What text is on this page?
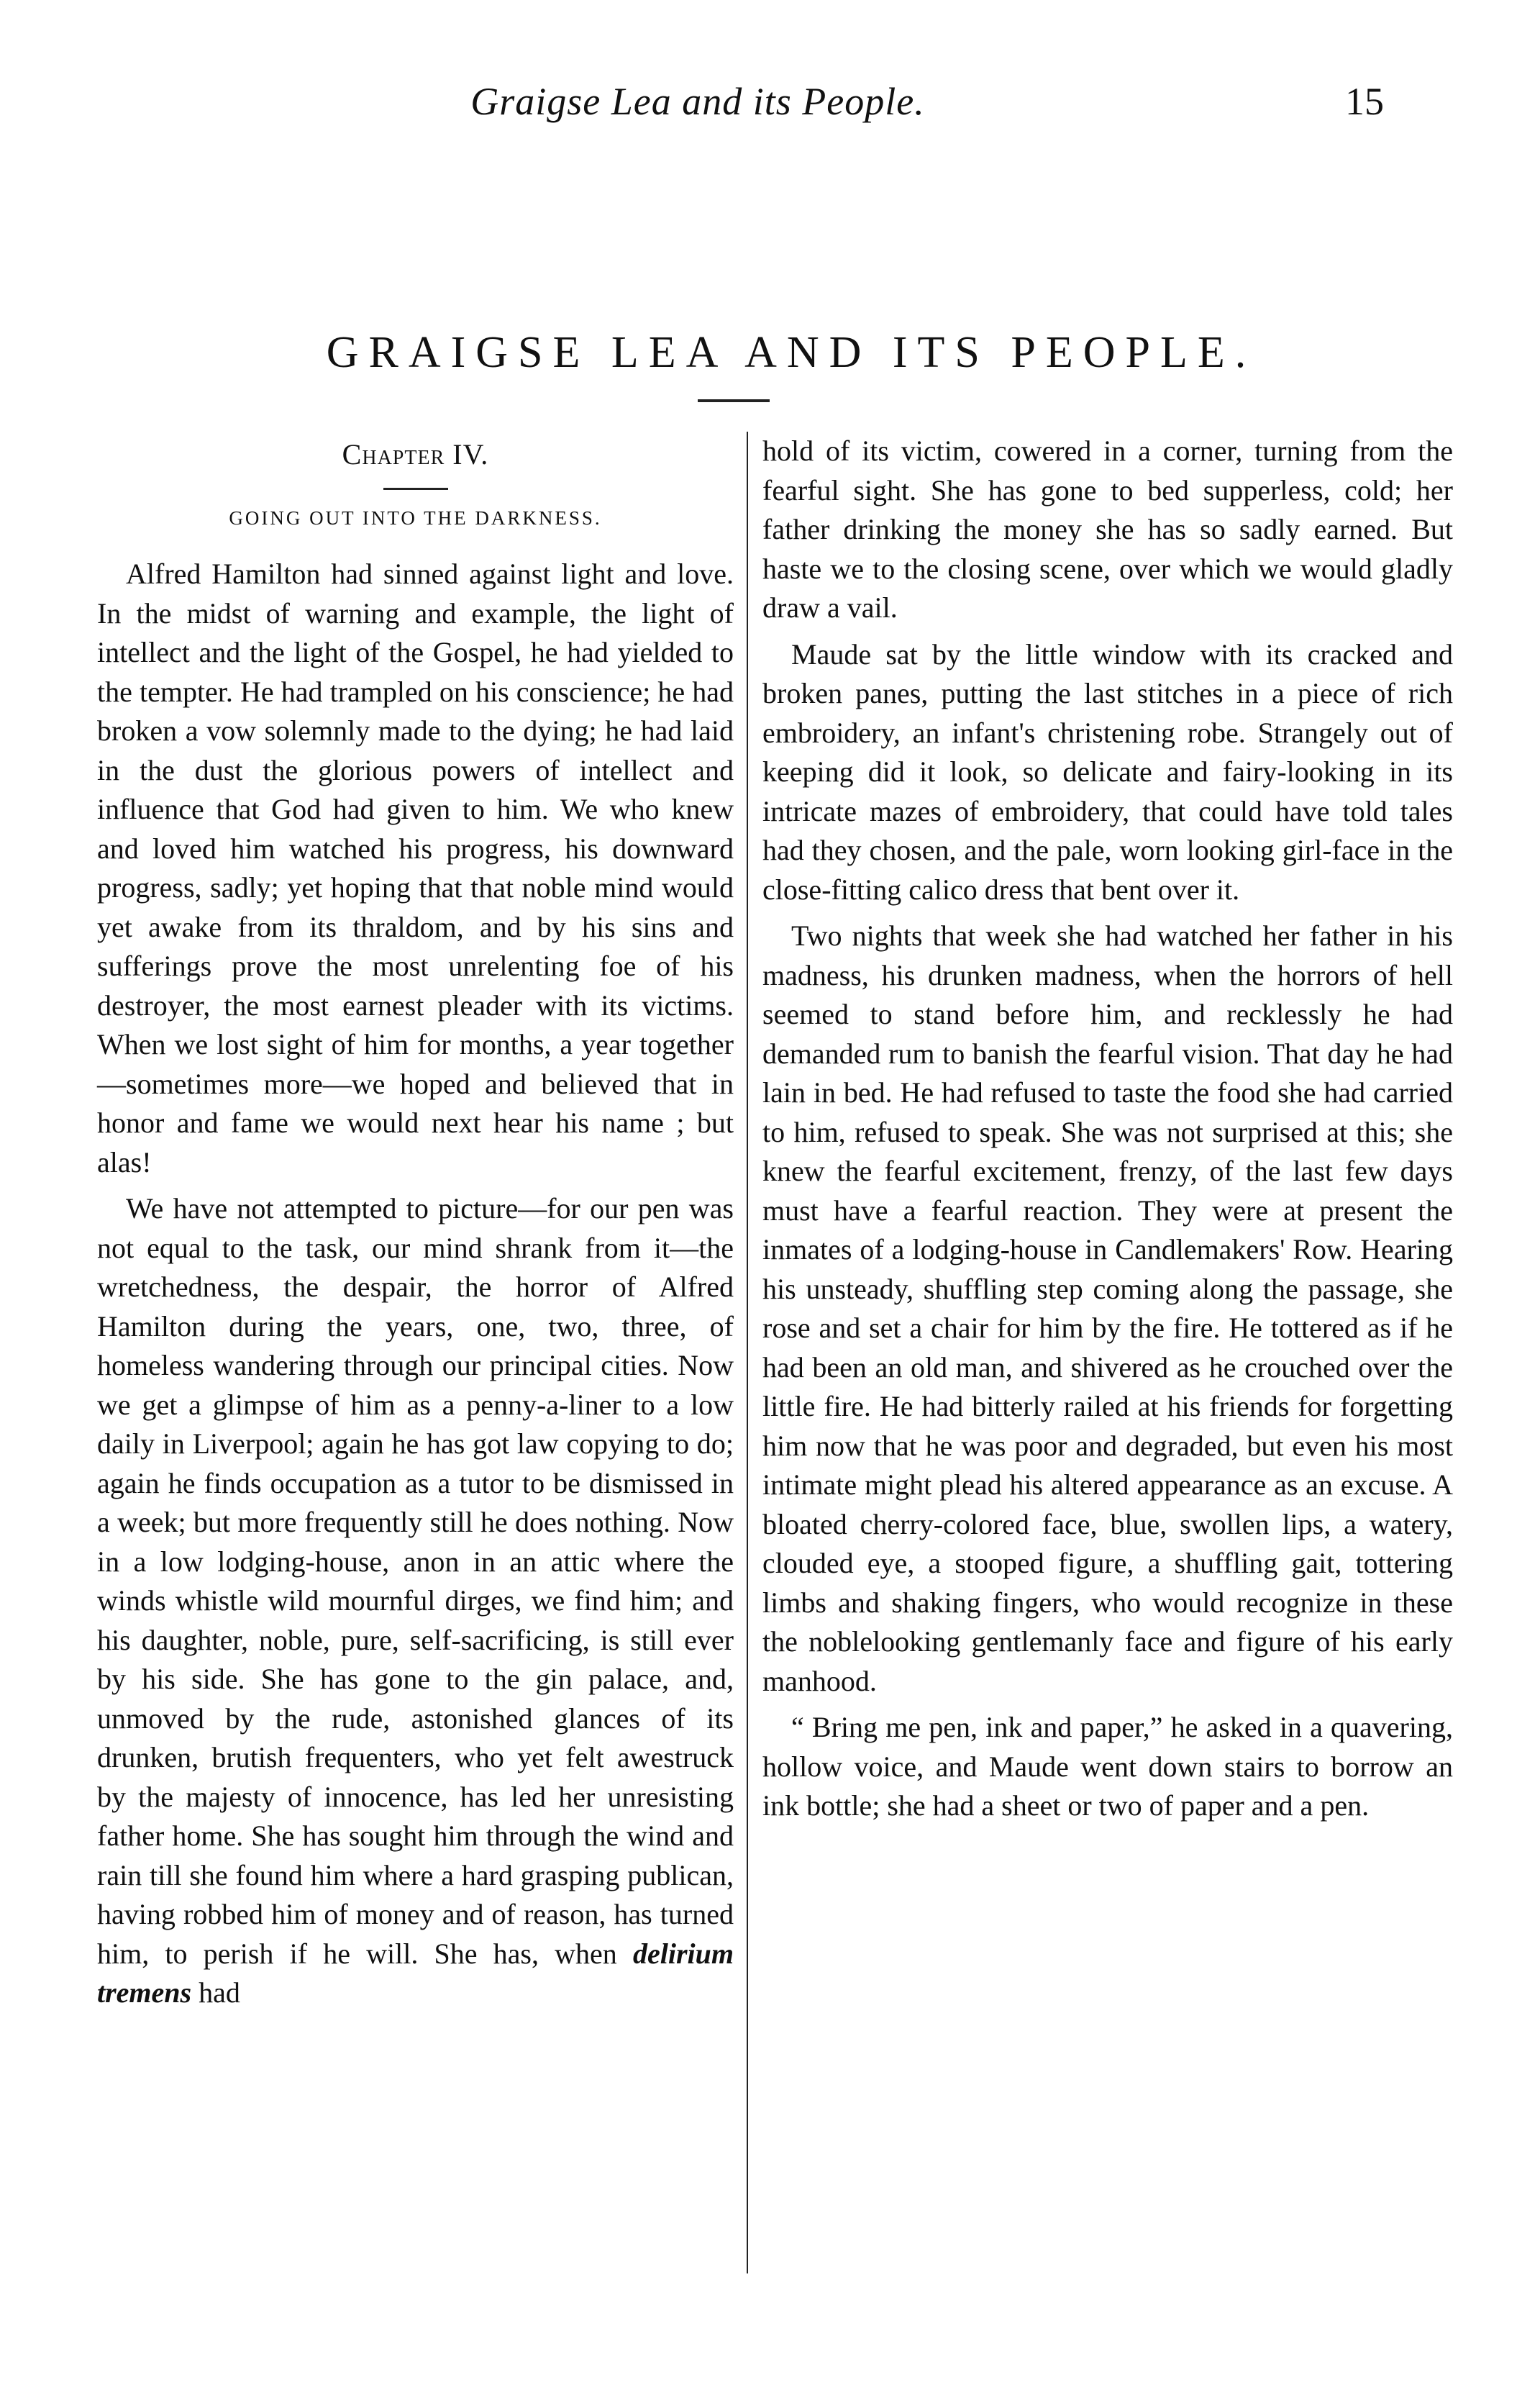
Graigse Lea and its People.	15
GRAIGSE LEA AND ITS PEOPLE.

Chapter IV.

GOING OUT INTO THE DARKNESS.

Alfred Hamilton had sinned against light and love. In the midst of warning and example, the light of intellect and the light of the Gospel, he had yielded to the tempter. He had trampled on his conscience; he had broken a vow solemnly made to the dying; he had laid in the dust the glorious powers of intellect and influence that God had given to him. We who knew and loved him watched his progress, his downward progress, sadly; yet hoping that that noble mind would yet awake from its thraldom, and by his sins and sufferings prove the most unrelenting foe of his destroyer, the most earnest pleader with its victims. When we lost sight of him for months, a year together—sometimes more—we hoped and believed that in honor and fame we would next hear his name ; but alas!

We have not attempted to picture—for our pen was not equal to the task, our mind shrank from it—the wretchedness, the despair, the horror of Alfred Hamilton during the years, one, two, three, of homeless wandering through our principal cities. Now we get a glimpse of him as a penny-a-liner to a low daily in Liverpool; again he has got law copying to do; again he finds occupation as a tutor to be dismissed in a week; but more frequently still he does nothing. Now in a low lodging-house, anon in an attic where the winds whistle wild mournful dirges, we find him; and his daughter, noble, pure, self-sacrificing, is still ever by his side. She has gone to the gin palace, and, unmoved by the rude, astonished glances of its drunken, brutish frequenters, who yet felt awestruck by the majesty of innocence, has led her unresisting father home. She has sought him through the wind and rain till she found him where a hard grasping publican, having robbed him of money and of reason, has turned him, to perish if he will. She has, when delirium tremens had

hold of its victim, cowered in a corner, turning from the fearful sight. She has gone to bed supperless, cold; her father drinking the money she has so sadly earned. But haste we to the closing scene, over which we would gladly draw a vail.

Maude sat by the little window with its cracked and broken panes, putting the last stitches in a piece of rich embroidery, an infant's christening robe. Strangely out of keeping did it look, so delicate and fairy-looking in its intricate mazes of embroidery, that could have told tales had they chosen, and the pale, worn looking girl-face in the close-fitting calico dress that bent over it.

Two nights that week she had watched her father in his madness, his drunken madness, when the horrors of hell seemed to stand before him, and recklessly he had demanded rum to banish the fearful vision. That day he had lain in bed. He had refused to taste the food she had carried to him, refused to speak. She was not surprised at this; she knew the fearful excitement, frenzy, of the last few days must have a fearful reaction. They were at present the inmates of a lodging-house in Candlemakers' Row. Hearing his unsteady, shuffling step coming along the passage, she rose and set a chair for him by the fire. He tottered as if he had been an old man, and shivered as he crouched over the little fire. He had bitterly railed at his friends for forgetting him now that he was poor and degraded, but even his most intimate might plead his altered appearance as an excuse. A bloated cherry-colored face, blue, swollen lips, a watery, clouded eye, a stooped figure, a shuffling gait, tottering limbs and shaking fingers, who would recognize in these the noblelooking gentlemanly face and figure of his early manhood.

“ Bring me pen, ink and paper,” he asked in a quavering, hollow voice, and Maude went down stairs to borrow an ink bottle; she had a sheet or two of paper and a pen.
